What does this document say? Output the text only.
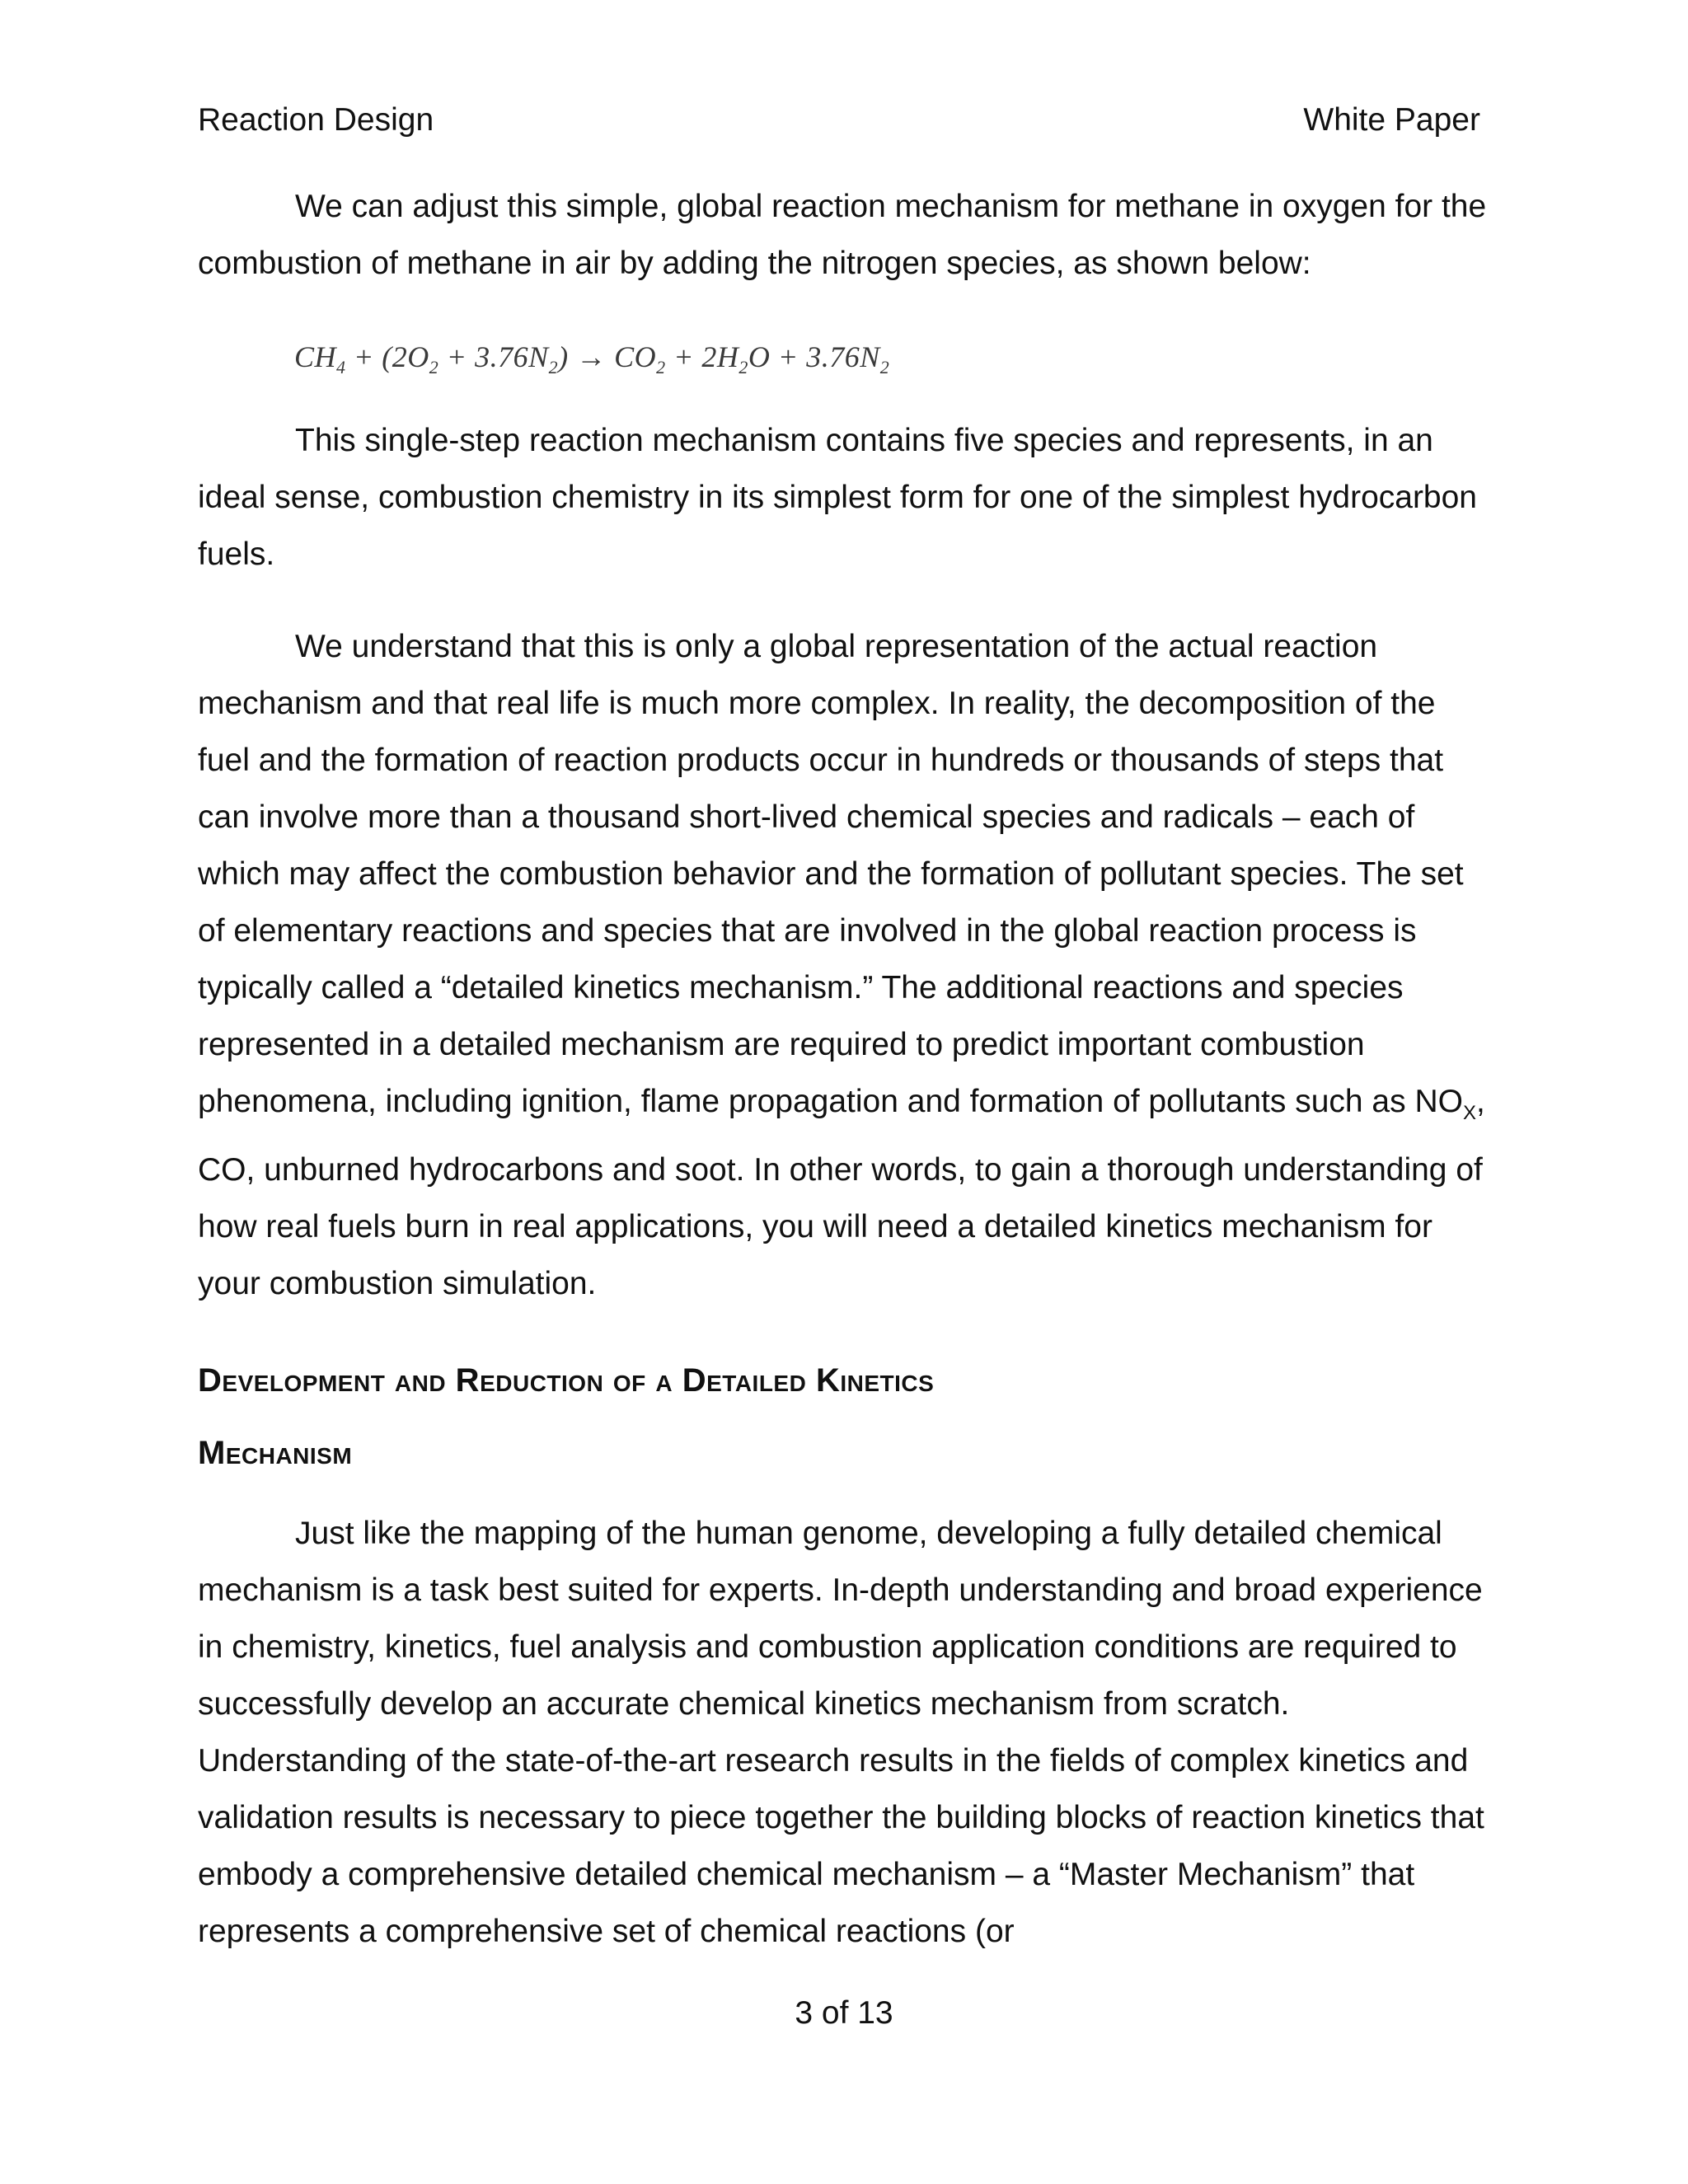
Reaction Design	White Paper

We can adjust this simple, global reaction mechanism for methane in oxygen for the combustion of methane in air by adding the nitrogen species, as shown below:

$CH_4 + (2O_2 + 3.76N_2) \to CO_2 + 2H_2O + 3.76N_2$

This single-step reaction mechanism contains five species and represents, in an ideal sense, combustion chemistry in its simplest form for one of the simplest hydrocarbon fuels.

We understand that this is only a global representation of the actual reaction mechanism and that real life is much more complex. In reality, the decomposition of the fuel and the formation of reaction products occur in hundreds or thousands of steps that can involve more than a thousand short-lived chemical species and radicals – each of which may affect the combustion behavior and the formation of pollutant species. The set of elementary reactions and species that are involved in the global reaction process is typically called a “detailed kinetics mechanism.” The additional reactions and species represented in a detailed mechanism are required to predict important combustion phenomena, including ignition, flame propagation and formation of pollutants such as $NO_X$, CO, unburned hydrocarbons and soot. In other words, to gain a thorough understanding of how real fuels burn in real applications, you will need a detailed kinetics mechanism for your combustion simulation.

Development and Reduction of a Detailed Kinetics
Mechanism

Just like the mapping of the human genome, developing a fully detailed chemical mechanism is a task best suited for experts. In-depth understanding and broad experience in chemistry, kinetics, fuel analysis and combustion application conditions are required to successfully develop an accurate chemical kinetics mechanism from scratch. Understanding of the state-of-the-art research results in the fields of complex kinetics and validation results is necessary to piece together the building blocks of reaction kinetics that embody a comprehensive detailed chemical mechanism – a “Master Mechanism” that represents a comprehensive set of chemical reactions (or

3 of 13
